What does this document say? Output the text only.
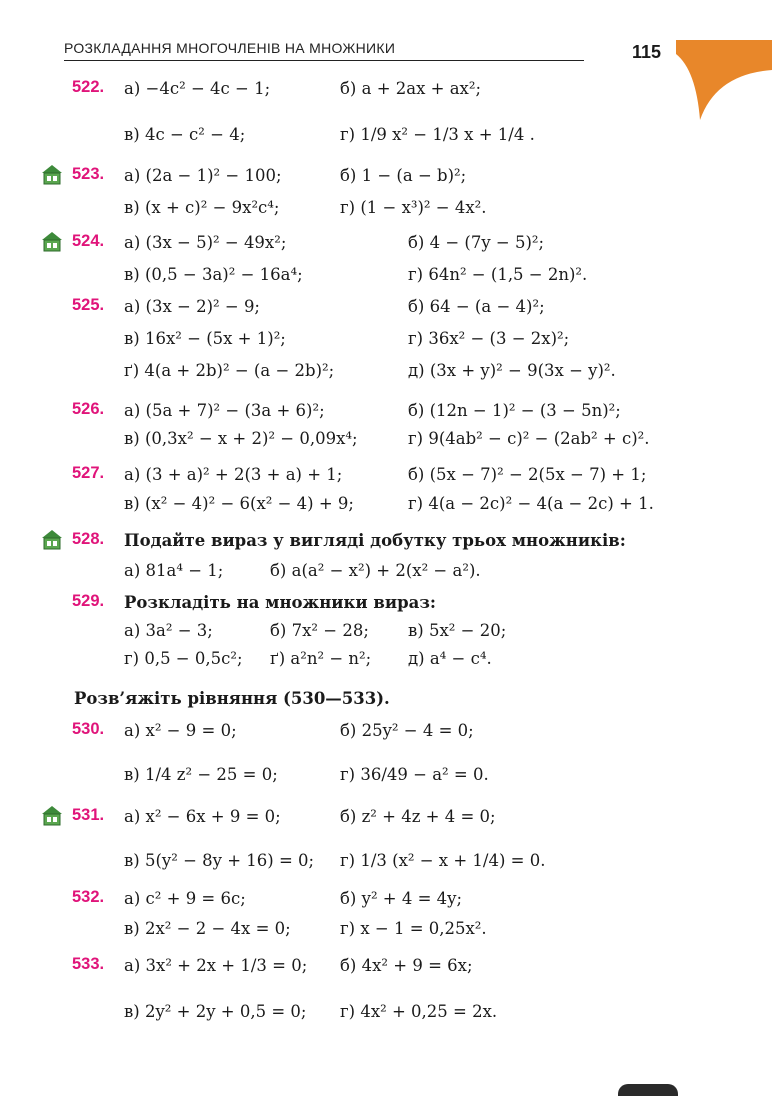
РОЗКЛАДАННЯ МНОГОЧЛЕНІВ НА МНОЖНИКИ	115
522. а) −4c² − 4c − 1;	б) a + 2ax + ax²;
в) 4c − c² − 4;	г) 1/9 x² − 1/3 x + 1/4 .
523. а) (2a − 1)² − 100;	б) 1 − (a − b)²;
в) (x + c)² − 9x²c⁴;	г) (1 − x³)² − 4x².
524. а) (3x − 5)² − 49x²;	б) 4 − (7y − 5)²;
в) (0,5 − 3a)² − 16a⁴;	г) 64n² − (1,5 − 2n)².
525. а) (3x − 2)² − 9;	б) 64 − (a − 4)²;
в) 16x² − (5x + 1)²;	г) 36x² − (3 − 2x)²;
ґ) 4(a + 2b)² − (a − 2b)²;	д) (3x + y)² − 9(3x − y)².
526. а) (5a + 7)² − (3a + 6)²;	б) (12n − 1)² − (3 − 5n)²;
в) (0,3x² − x + 2)² − 0,09x⁴;	г) 9(4ab² − c)² − (2ab² + c)².
527. а) (3 + a)² + 2(3 + a) + 1;	б) (5x − 7)² − 2(5x − 7) + 1;
в) (x² − 4)² − 6(x² − 4) + 9;	г) 4(a − 2c)² − 4(a − 2c) + 1.
528. Подайте вираз у вигляді добутку трьох множників:
а) 81a⁴ − 1;	б) a(a² − x²) + 2(x² − a²).
529. Розкладіть на множники вираз:
а) 3a² − 3;	б) 7x² − 28; в) 5x² − 20;
г) 0,5 − 0,5c²; ґ) a²n² − n²; д) a⁴ − c⁴.
Розв’яжіть рівняння (530—533).
530. а) x² − 9 = 0;	б) 25y² − 4 = 0;
в) 1/4 z² − 25 = 0;	г) 36/49 − a² = 0.
531. а) x² − 6x + 9 = 0;	б) z² + 4z + 4 = 0;
в) 5(y² − 8y + 16) = 0; г) 1/3 (x² − x + 1/4) = 0.
532. а) c² + 9 = 6c;	б) y² + 4 = 4y;
в) 2x² − 2 − 4x = 0;	г) x − 1 = 0,25x².
533. а) 3x² + 2x + 1/3 = 0; б) 4x² + 9 = 6x;
в) 2y² + 2y + 0,5 = 0; г) 4x² + 0,25 = 2x.
